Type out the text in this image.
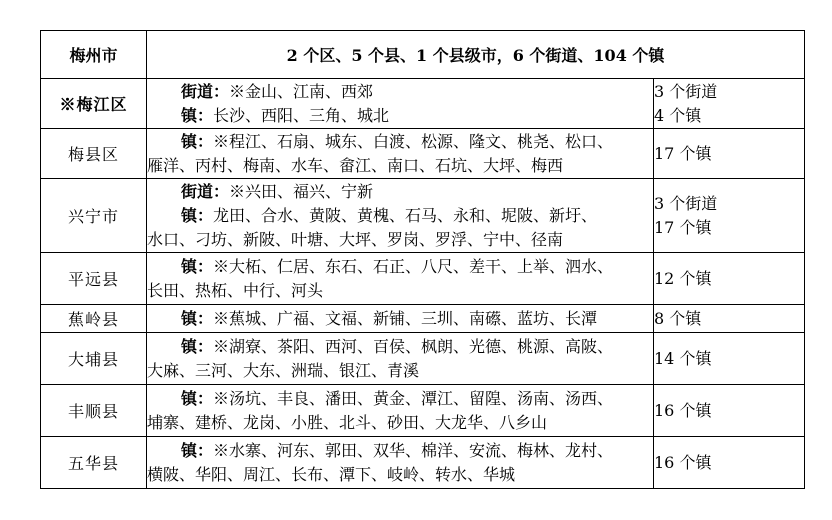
梅州市	2 个区、5 个县、1 个县级市，6 个街道、104 个镇	
※梅江区	街道：※金山、江南、西郊
镇：长沙、西阳、三角、城北	3 个街道
4 个镇

梅县区	镇：※程江、石扇、城东、白渡、松源、隆文、桃尧、松口、
雁洋、丙村、梅南、水车、畲江、南口、石坑、大坪、梅西	17 个镇

兴宁市	街道：※兴田、福兴、宁新
镇：龙田、合水、黄陂、黄槐、石马、永和、坭陂、新圩、
水口、刁坊、新陂、叶塘、大坪、罗岗、罗浮、宁中、径南	3 个街道
17 个镇

平远县	镇：※大柘、仁居、东石、石正、八尺、差干、上举、泗水、
长田、热柘、中行、河头	12 个镇

蕉岭县	镇：※蕉城、广福、文福、新铺、三圳、南礤、蓝坊、长潭	8 个镇

大埔县	镇：※湖寮、茶阳、西河、百侯、枫朗、光德、桃源、高陂、
大麻、三河、大东、洲瑞、银江、青溪	14 个镇

丰顺县	镇：※汤坑、丰良、潘田、黄金、潭江、留隍、汤南、汤西、
埔寨、建桥、龙岗、小胜、北斗、砂田、大龙华、八乡山	16 个镇

五华县	镇：※水寨、河东、郭田、双华、棉洋、安流、梅林、龙村、
横陂、华阳、周江、长布、潭下、岐岭、转水、华城	16 个镇
